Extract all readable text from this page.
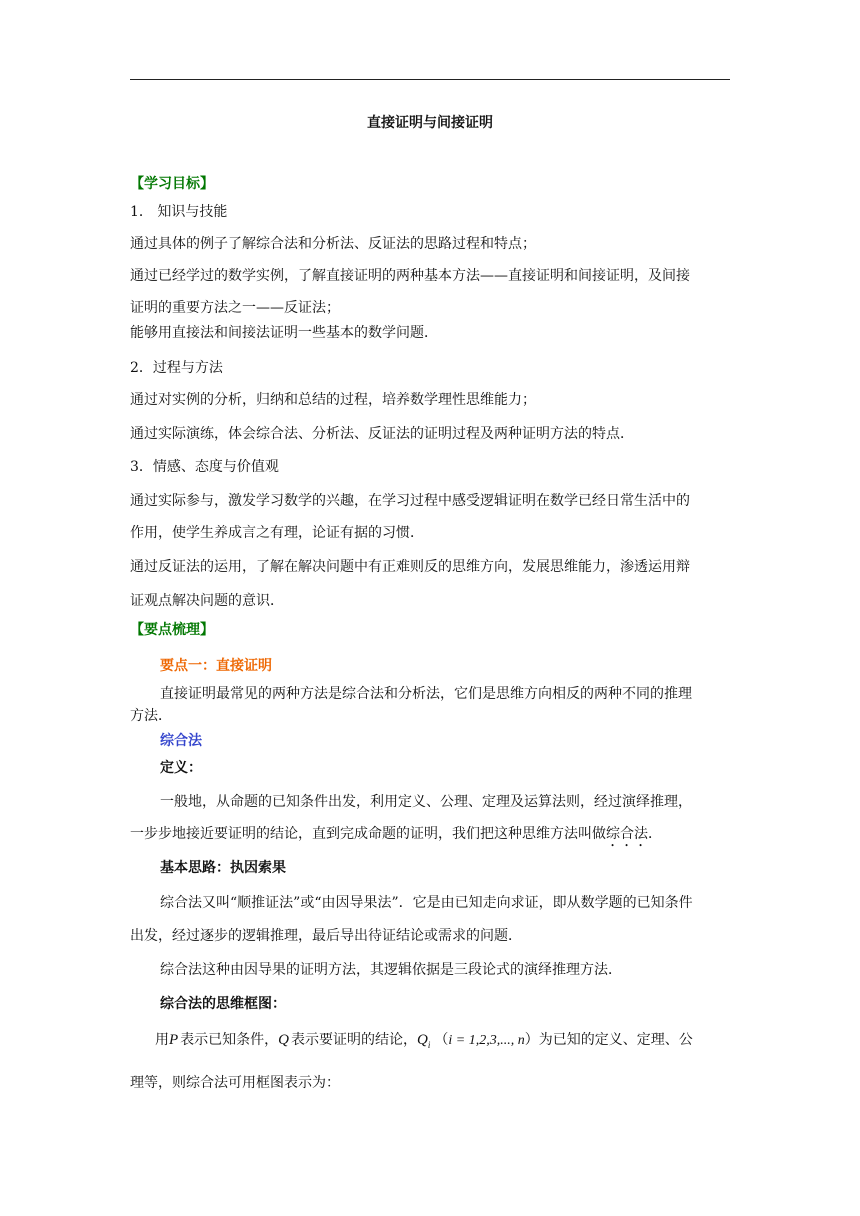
直接证明与间接证明
【学习目标】
1． 知识与技能
通过具体的例子了解综合法和分析法、反证法的思路过程和特点；
通过已经学过的数学实例，了解直接证明的两种基本方法——直接证明和间接证明，及间接
证明的重要方法之一——反证法；
能够用直接法和间接法证明一些基本的数学问题．
2．过程与方法
通过对实例的分析，归纳和总结的过程，培养数学理性思维能力；
通过实际演练，体会综合法、分析法、反证法的证明过程及两种证明方法的特点．
3．情感、态度与价值观
通过实际参与，激发学习数学的兴趣，在学习过程中感受逻辑证明在数学已经日常生活中的
作用，使学生养成言之有理，论证有据的习惯．
通过反证法的运用，了解在解决问题中有正难则反的思维方向，发展思维能力，渗透运用辩
证观点解决问题的意识．
【要点梳理】
要点一：直接证明
直接证明最常见的两种方法是综合法和分析法，它们是思维方向相反的两种不同的推理
方法．
综合法
定义：
一般地，从命题的已知条件出发，利用定义、公理、定理及运算法则，经过演绎推理，
一步步地接近要证明的结论，直到完成命题的证明，我们把这种思维方法叫做综合法．
基本思路：执因索果
综合法又叫“顺推证法”或“由因导果法”．它是由已知走向求证，即从数学题的已知条件
出发，经过逐步的逻辑推理，最后导出待证结论或需求的问题．
综合法这种由因导果的证明方法，其逻辑依据是三段论式的演绎推理方法．
综合法的思维框图：
用P 表示已知条件，Q 表示要证明的结论，$Q_i$ （i = 1,2,3,..., n）为已知的定义、定理、公
理等，则综合法可用框图表示为：
